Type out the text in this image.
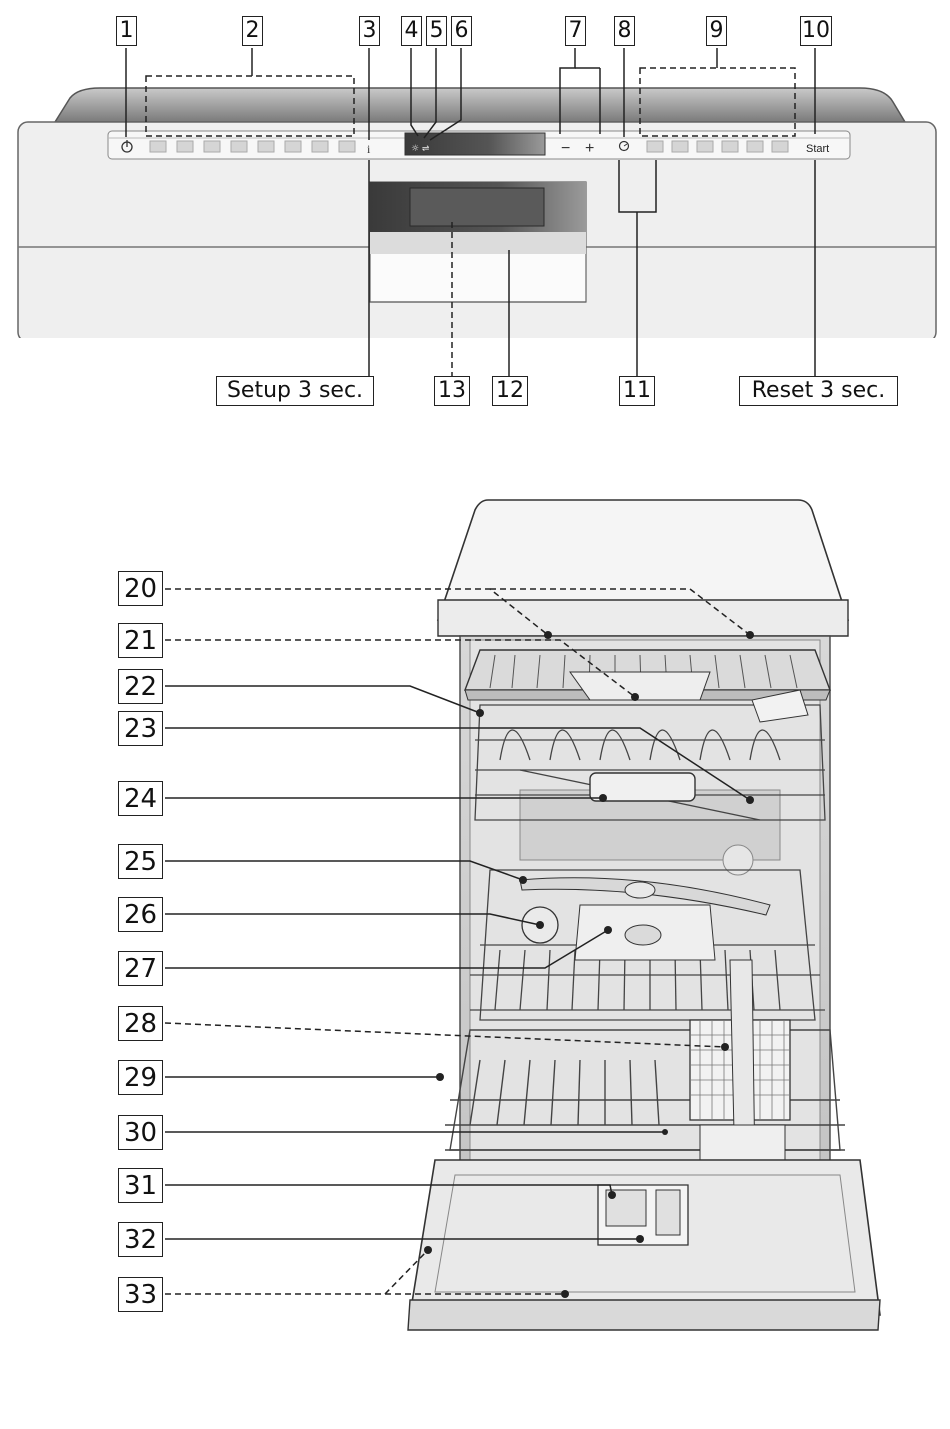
i	☼ ⇌	− +	Start
1	2	3 4 5 6	7 8	9	10
Setup 3 sec.	13 12	11	Reset 3 sec.
20
21
22
23
24
25
26
27
28
29
30
31
32
33
